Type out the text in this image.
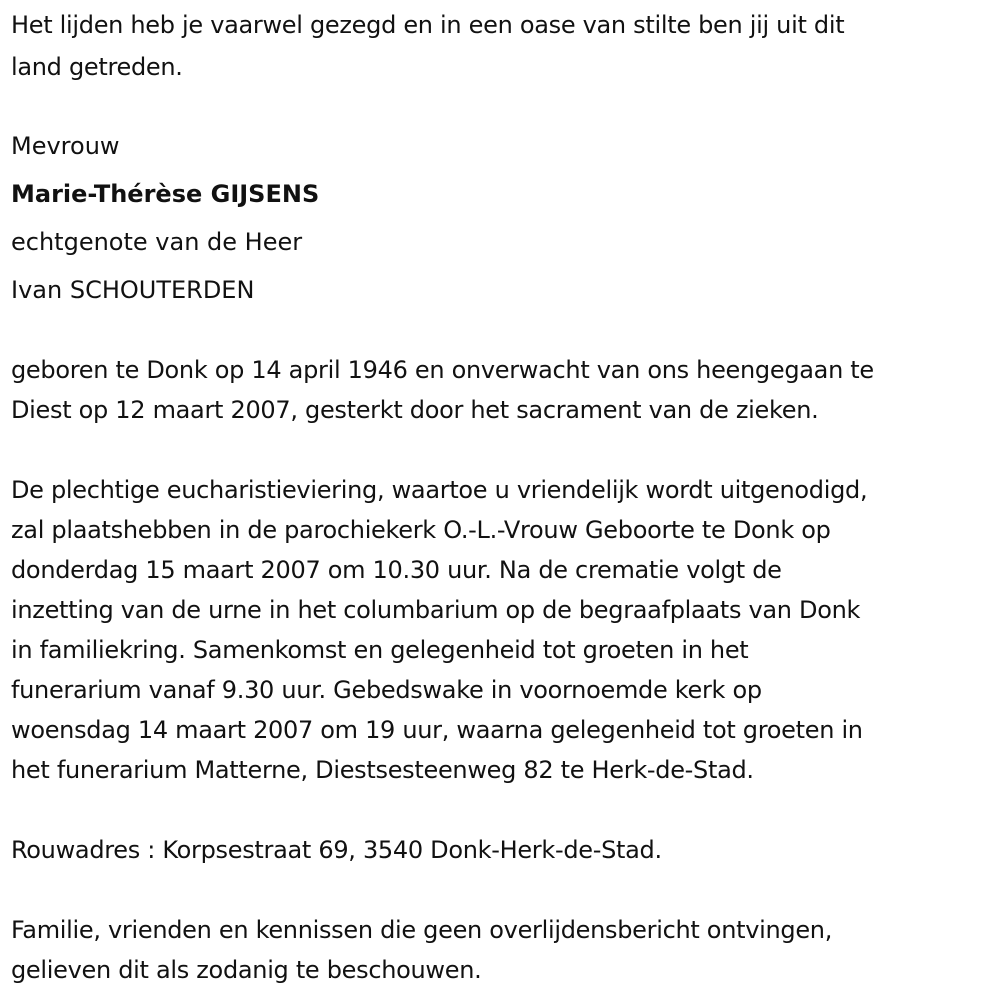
Het lijden heb je vaarwel gezegd en in een oase van stilte ben jij uit dit
land getreden.
Mevrouw
Marie-Thérèse GIJSENS
echtgenote van de Heer
Ivan SCHOUTERDEN
geboren te Donk op 14 april 1946 en onverwacht van ons heengegaan te
Diest op 12 maart 2007, gesterkt door het sacrament van de zieken.
De plechtige eucharistieviering, waartoe u vriendelijk wordt uitgenodigd,
zal plaatshebben in de parochiekerk O.-L.-Vrouw Geboorte te Donk op
donderdag 15 maart 2007 om 10.30 uur. Na de crematie volgt de
inzetting van de urne in het columbarium op de begraafplaats van Donk
in familiekring. Samenkomst en gelegenheid tot groeten in het
funerarium vanaf 9.30 uur. Gebedswake in voornoemde kerk op
woensdag 14 maart 2007 om 19 uur, waarna gelegenheid tot groeten in
het funerarium Matterne, Diestsesteenweg 82 te Herk-de-Stad.
Rouwadres : Korpsestraat 69, 3540 Donk-Herk-de-Stad.
Familie, vrienden en kennissen die geen overlijdensbericht ontvingen,
gelieven dit als zodanig te beschouwen.
